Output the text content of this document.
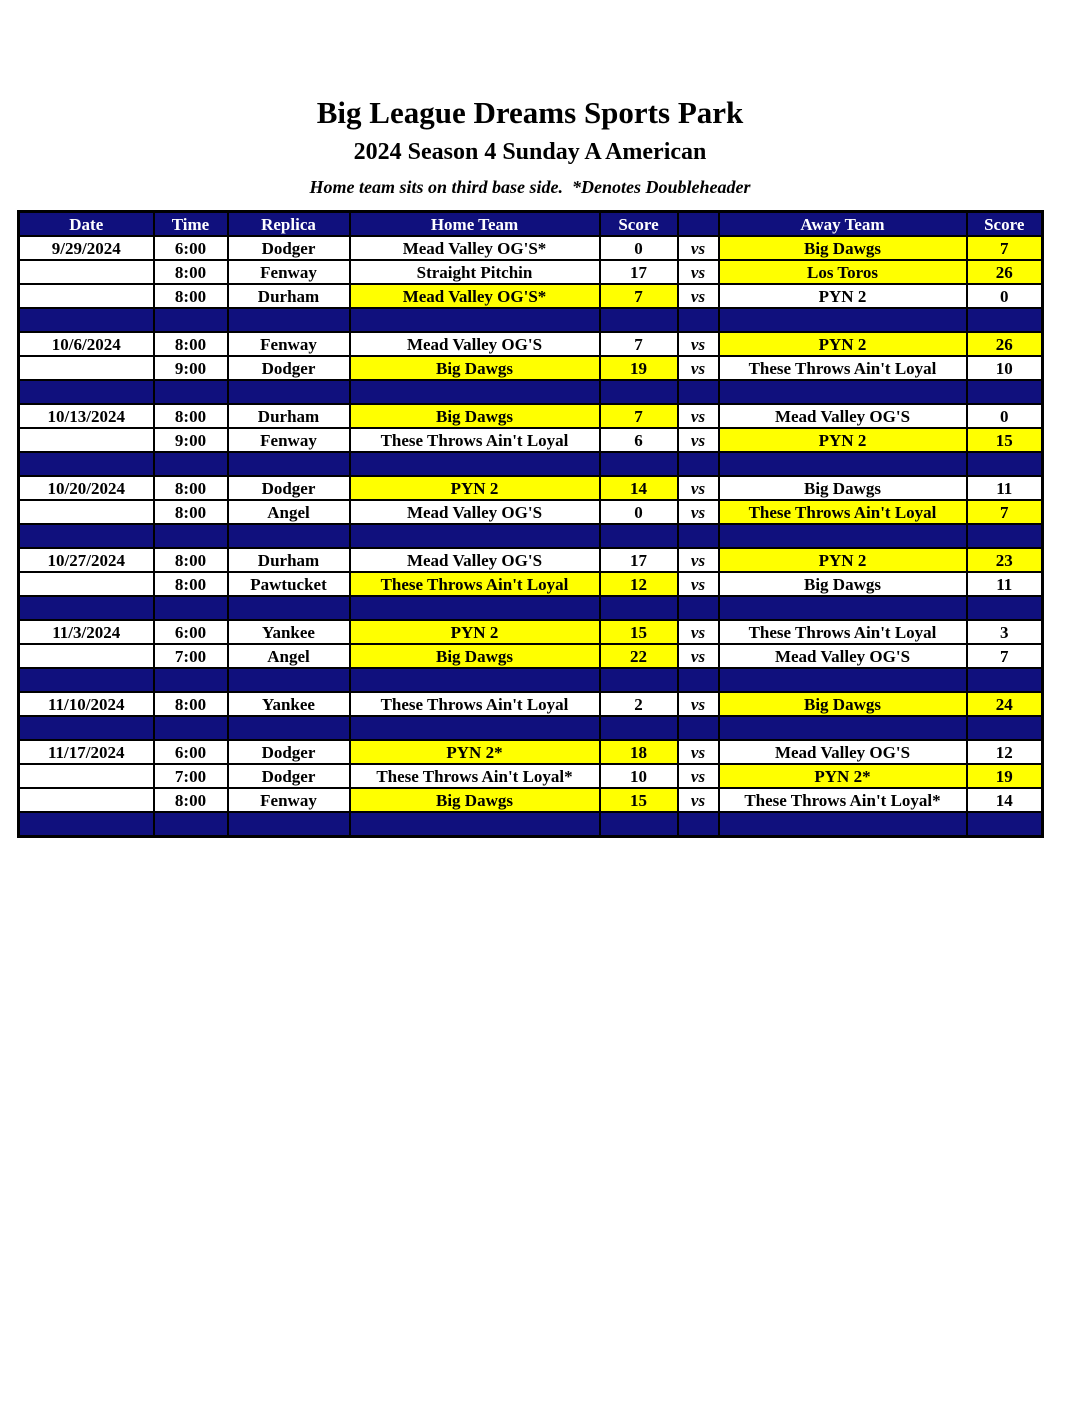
Big League Dreams Sports Park
2024 Season 4 Sunday A American
Home team sits on third base side.  *Denotes Doubleheader
Date	Time	Replica	Home Team	Score		Away Team	Score
9/29/2024	6:00	Dodger	Mead Valley OG'S*	0	vs	Big Dawgs	7
	8:00	Fenway	Straight Pitchin	17	vs	Los Toros	26
	8:00	Durham	Mead Valley OG'S*	7	vs	PYN 2	0

10/6/2024	8:00	Fenway	Mead Valley OG'S	7	vs	PYN 2	26
	9:00	Dodger	Big Dawgs	19	vs	These Throws Ain't Loyal	10

10/13/2024	8:00	Durham	Big Dawgs	7	vs	Mead Valley OG'S	0
	9:00	Fenway	These Throws Ain't Loyal	6	vs	PYN 2	15

10/20/2024	8:00	Dodger	PYN 2	14	vs	Big Dawgs	11
	8:00	Angel	Mead Valley OG'S	0	vs	These Throws Ain't Loyal	7

10/27/2024	8:00	Durham	Mead Valley OG'S	17	vs	PYN 2	23
	8:00	Pawtucket	These Throws Ain't Loyal	12	vs	Big Dawgs	11

11/3/2024	6:00	Yankee	PYN 2	15	vs	These Throws Ain't Loyal	3
	7:00	Angel	Big Dawgs	22	vs	Mead Valley OG'S	7

11/10/2024	8:00	Yankee	These Throws Ain't Loyal	2	vs	Big Dawgs	24

11/17/2024	6:00	Dodger	PYN 2*	18	vs	Mead Valley OG'S	12
	7:00	Dodger	These Throws Ain't Loyal*	10	vs	PYN 2*	19
	8:00	Fenway	Big Dawgs	15	vs	These Throws Ain't Loyal*	14
